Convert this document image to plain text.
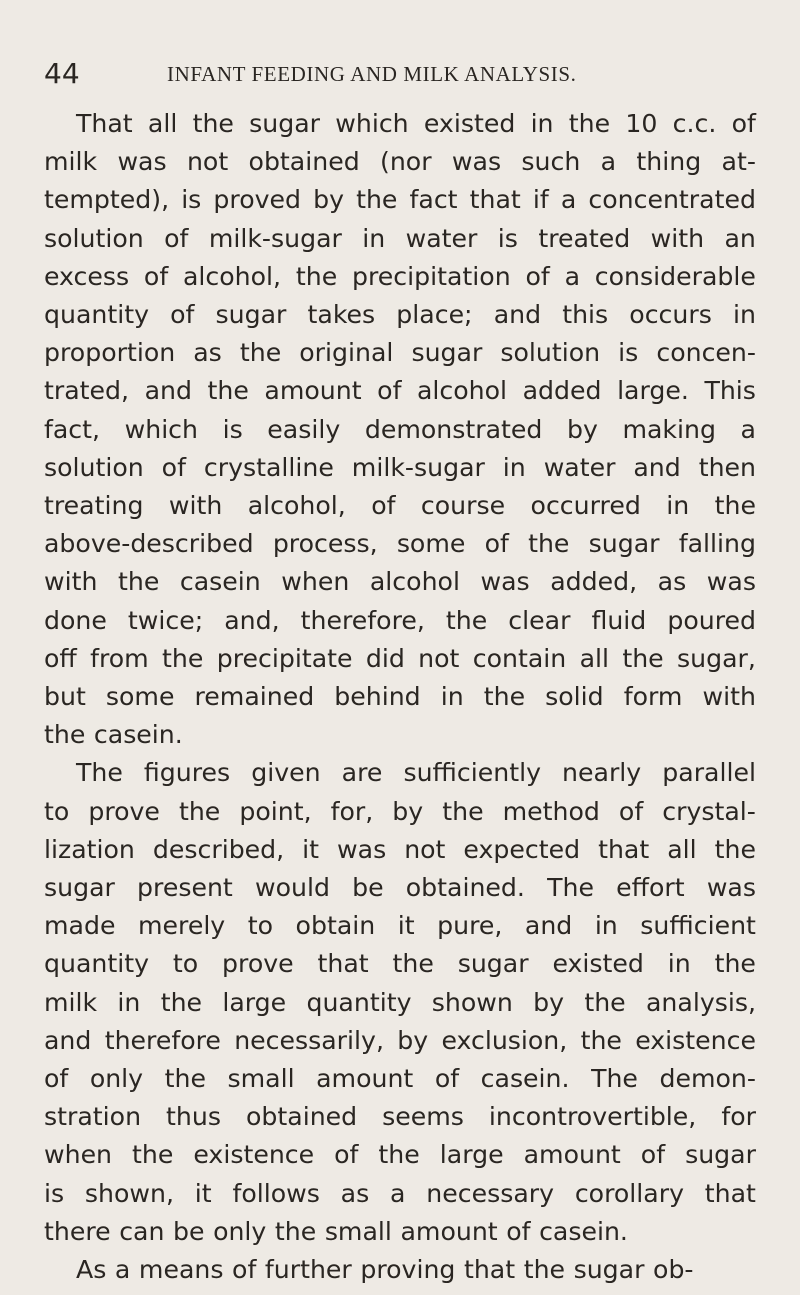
44	INFANT FEEDING AND MILK ANALYSIS.
That all the sugar which existed in the 10 c.c. of
milk was not obtained (nor was such a thing at-
tempted), is proved by the fact that if a concentrated
solution of milk-sugar in water is treated with an
excess of alcohol, the precipitation of a considerable
quantity of sugar takes place; and this occurs in
proportion as the original sugar solution is concen-
trated, and the amount of alcohol added large. This
fact, which is easily demonstrated by making a
solution of crystalline milk-sugar in water and then
treating with alcohol, of course occurred in the
above-described process, some of the sugar falling
with the casein when alcohol was added, as was
done twice; and, therefore, the clear fluid poured
off from the precipitate did not contain all the sugar,
but some remained behind in the solid form with
the casein.
The figures given are sufficiently nearly parallel
to prove the point, for, by the method of crystal-
lization described, it was not expected that all the
sugar present would be obtained. The effort was
made merely to obtain it pure, and in sufficient
quantity to prove that the sugar existed in the
milk in the large quantity shown by the analysis,
and therefore necessarily, by exclusion, the existence
of only the small amount of casein. The demon-
stration thus obtained seems incontrovertible, for
when the existence of the large amount of sugar
is shown, it follows as a necessary corollary that
there can be only the small amount of casein.
As a means of further proving that the sugar ob-
